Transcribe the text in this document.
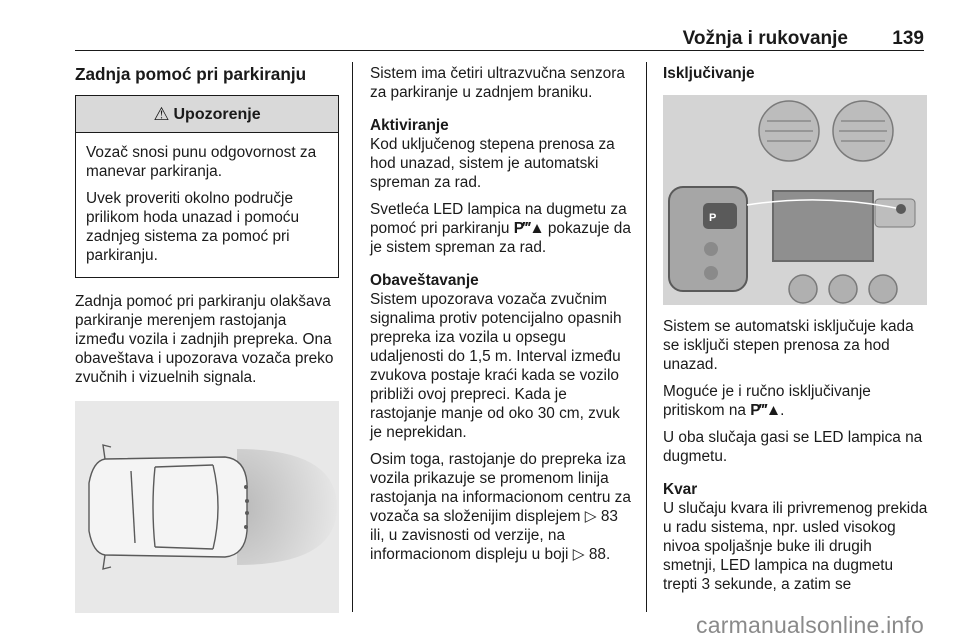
Vožnja i rukovanje 139
Zadnja pomoć pri parkiranju
⚠ Upozorenje

Vozač snosi punu odgovornost za manevar parkiranja.

Uvek proveriti okolno područje prilikom hoda unazad i pomoću zadnjeg sistema za pomoć pri parkiranju.

Zadnja pomoć pri parkiranju olakšava parkiranje merenjem rastojanja između vozila i zadnjih prepreka. Ona obaveštava i upozorava vozača preko zvučnih i vizuelnih signala.

Sistem ima četiri ultrazvučna senzora za parkiranje u zadnjem braniku.

Aktiviranje

Kod uključenog stepena prenosa za hod unazad, sistem je automatski spreman za rad.

Svetleća LED lampica na dugmetu za pomoć pri parkiranju P‴▲ pokazuje da je sistem spreman za rad.

Obaveštavanje

Sistem upozorava vozača zvučnim signalima protiv potencijalno opasnih prepreka iza vozila u opsegu udaljenosti do 1,5 m. Interval između zvukova postaje kraći kada se vozilo približi ovoj prepreci. Kada je rastojanje manje od oko 30 cm, zvuk je neprekidan.

Osim toga, rastojanje do prepreka iza vozila prikazuje se promenom linija rastojanja na informacionom centru za vozača sa složenijim displejem ▷ 83 ili, u zavisnosti od verzije, na informacionom displeju u boji ▷ 88.

Isključivanje
P

Sistem se automatski isključuje kada se isključi stepen prenosa za hod unazad.

Moguće je i ručno isključivanje pritiskom na P‴▲.

U oba slučaja gasi se LED lampica na dugmetu.

Kvar

U slučaju kvara ili privremenog prekida u radu sistema, npr. usled visokog nivoa spoljašnje buke ili drugih smetnji, LED lampica na dugmetu trepti 3 sekunde, a zatim se

carmanualsonline.info
